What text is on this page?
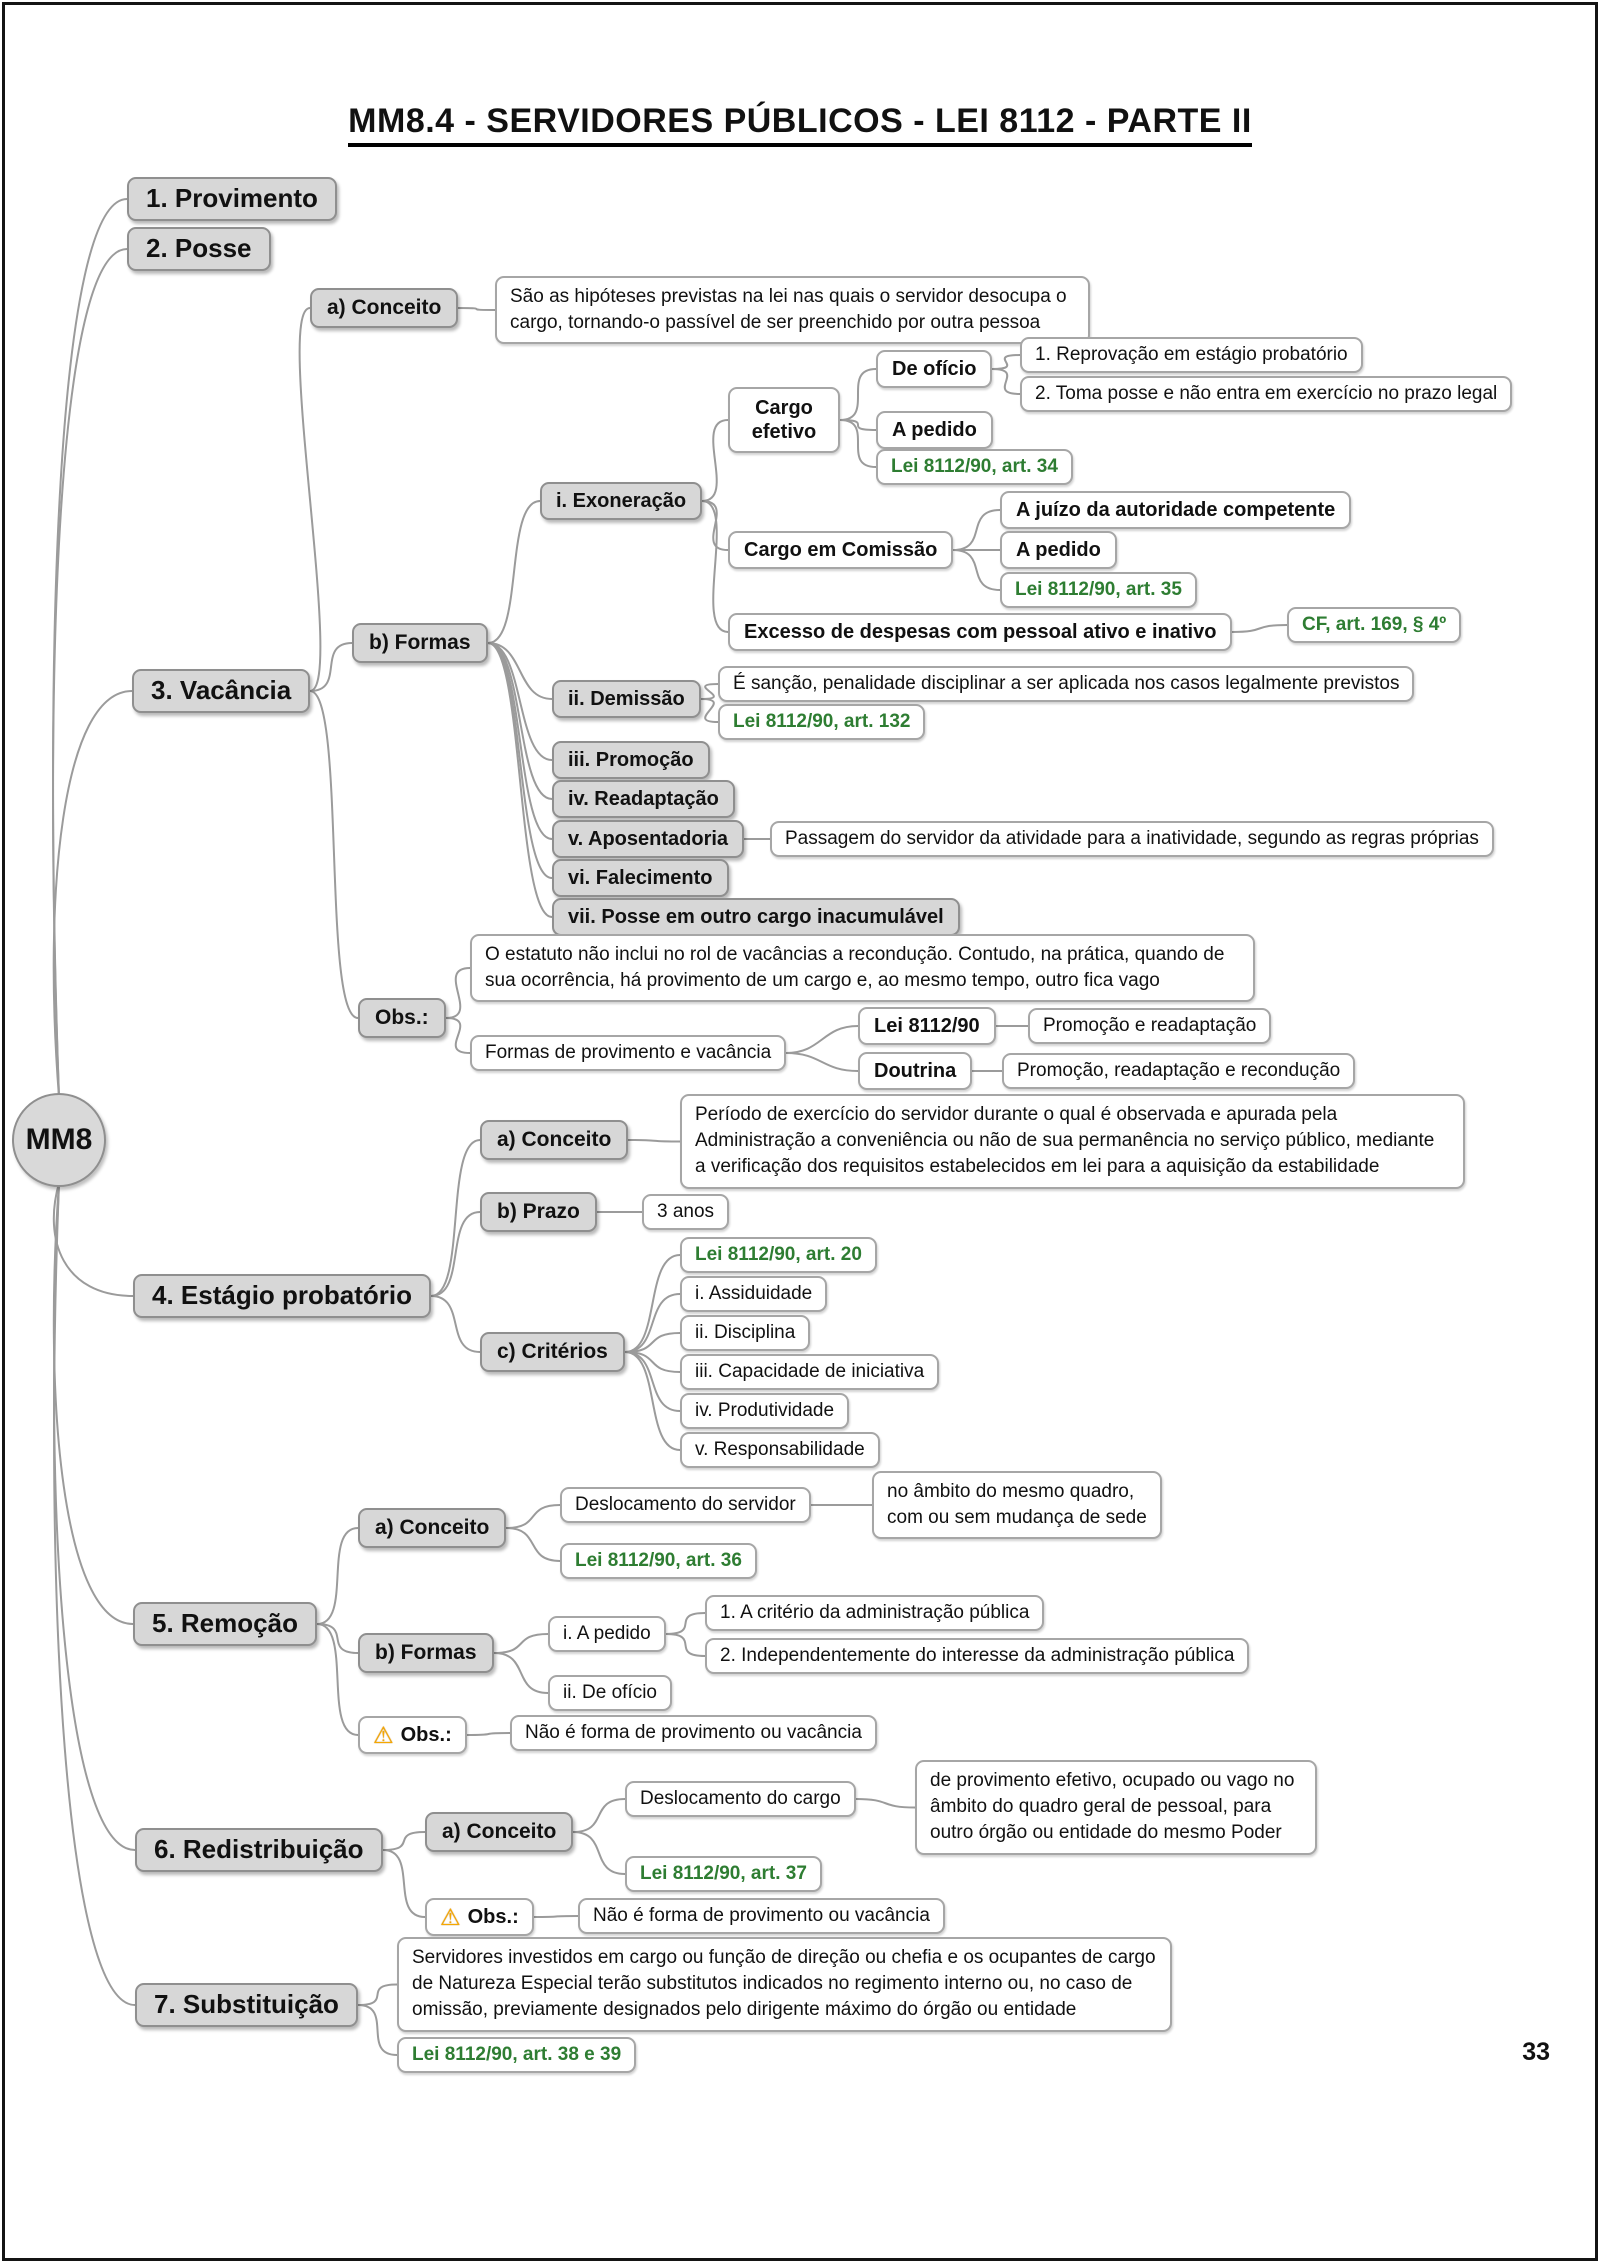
MM8.4 - SERVIDORES PÚBLICOS - LEI 8112 - PARTE II
MM8
1. Provimento
2. Posse
3. Vacância
4. Estágio probatório
5. Remoção
6. Redistribuição
7. Substituição
a) Conceito	São as hipóteses previstas na lei nas quais o servidor desocupa o cargo, tornando-o passível de ser preenchido por outra pessoa
b) Formas
i. Exoneração
Cargo efetivo
De ofício
1. Reprovação em estágio probatório
2. Toma posse e não entra em exercício no prazo legal
A pedido
Lei 8112/90, art. 34
Cargo em Comissão
A juízo da autoridade competente
A pedido
Lei 8112/90, art. 35
Excesso de despesas com pessoal ativo e inativo	CF, art. 169, § 4º
ii. Demissão
É sanção, penalidade disciplinar a ser aplicada nos casos legalmente previstos
Lei 8112/90, art. 132
iii. Promoção
iv. Readaptação
v. Aposentadoria	Passagem do servidor da atividade para a inatividade, segundo as regras próprias
vi. Falecimento
vii. Posse em outro cargo inacumulável
Obs.:
O estatuto não inclui no rol de vacâncias a recondução. Contudo, na prática, quando de sua ocorrência, há provimento de um cargo e, ao mesmo tempo, outro fica vago
Formas de provimento e vacância
Lei 8112/90	Promoção e readaptação
Doutrina	Promoção, readaptação e recondução
a) Conceito
Período de exercício do servidor durante o qual é observada e apurada pela Administração a conveniência ou não de sua permanência no serviço público, mediante a verificação dos requisitos estabelecidos em lei para a aquisição da estabilidade
b) Prazo	3 anos
c) Critérios
Lei 8112/90, art. 20
i. Assiduidade
ii. Disciplina
iii. Capacidade de iniciativa
iv. Produtividade
v. Responsabilidade
a) Conceito
Deslocamento do servidor
no âmbito do mesmo quadro, com ou sem mudança de sede
Lei 8112/90, art. 36
b) Formas
i. A pedido
1. A critério da administração pública
2. Independentemente do interesse da administração pública
ii. De ofício
⚠ Obs.:	Não é forma de provimento ou vacância
a) Conceito
Deslocamento do cargo
de provimento efetivo, ocupado ou vago no âmbito do quadro geral de pessoal, para outro órgão ou entidade do mesmo Poder
Lei 8112/90, art. 37
⚠ Obs.:	Não é forma de provimento ou vacância
Servidores investidos em cargo ou função de direção ou chefia e os ocupantes de cargo de Natureza Especial terão substitutos indicados no regimento interno ou, no caso de omissão, previamente designados pelo dirigente máximo do órgão ou entidade
Lei 8112/90, art. 38 e 39	33
